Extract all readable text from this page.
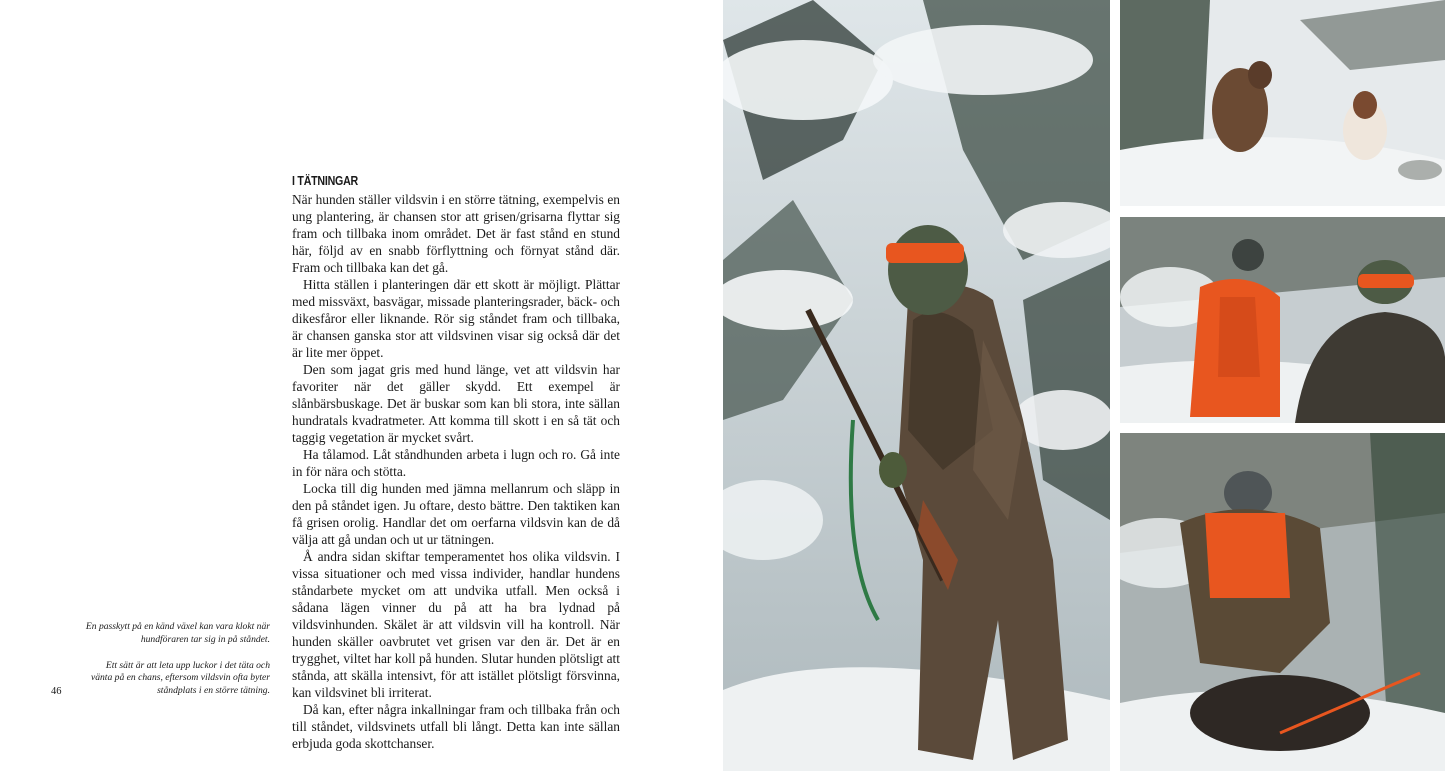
I TÄTNINGAR

När hunden ställer vildsvin i en större tätning, exempelvis en ung plantering, är chansen stor att grisen/grisarna flyttar sig fram och tillbaka inom området. Det är fast stånd en stund här, följd av en snabb förflyttning och förnyat stånd där. Fram och tillbaka kan det gå.

Hitta ställen i planteringen där ett skott är möjligt. Plättar med missväxt, basvägar, missade planteringsrader, bäck- och dikesfåror eller liknande. Rör sig ståndet fram och tillbaka, är chansen ganska stor att vildsvinen visar sig också där det är lite mer öppet.

Den som jagat gris med hund länge, vet att vildsvin har favoriter när det gäller skydd. Ett exempel är slånbärsbuskage. Det är buskar som kan bli stora, inte sällan hundratals kvadratmeter. Att komma till skott i en så tät och taggig vegetation är mycket svårt.

Ha tålamod. Låt ståndhunden arbeta i lugn och ro. Gå inte in för nära och stötta.

Locka till dig hunden med jämna mellanrum och släpp in den på ståndet igen. Ju oftare, desto bättre. Den taktiken kan få grisen orolig. Handlar det om oerfarna vildsvin kan de då välja att gå undan och ut ur tätningen.

Å andra sidan skiftar temperamentet hos olika vildsvin. I vissa situationer och med vissa individer, handlar hundens ståndarbete mycket om att undvika utfall. Men också i sådana lägen vinner du på att ha bra lydnad på vildsvinhunden. Skälet är att vildsvin vill ha kontroll. När hunden skäller oavbrutet vet grisen var den är. Det är en trygghet, viltet har koll på hunden. Slutar hunden plötsligt att stånda, att skälla intensivt, för att istället plötsligt försvinna, kan vildsvinet bli irriterat.

Då kan, efter några inkallningar fram och tillbaka från och till ståndet, vildsvinets utfall bli långt. Detta kan inte sällan erbjuda goda skottchanser.

En passkytt på en känd växel kan vara klokt när hundföraren tar sig in på ståndet.

Ett sätt är att leta upp luckor i det täta och vänta på en chans, eftersom vildsvin ofta byter ståndplats i en större tätning.

46
